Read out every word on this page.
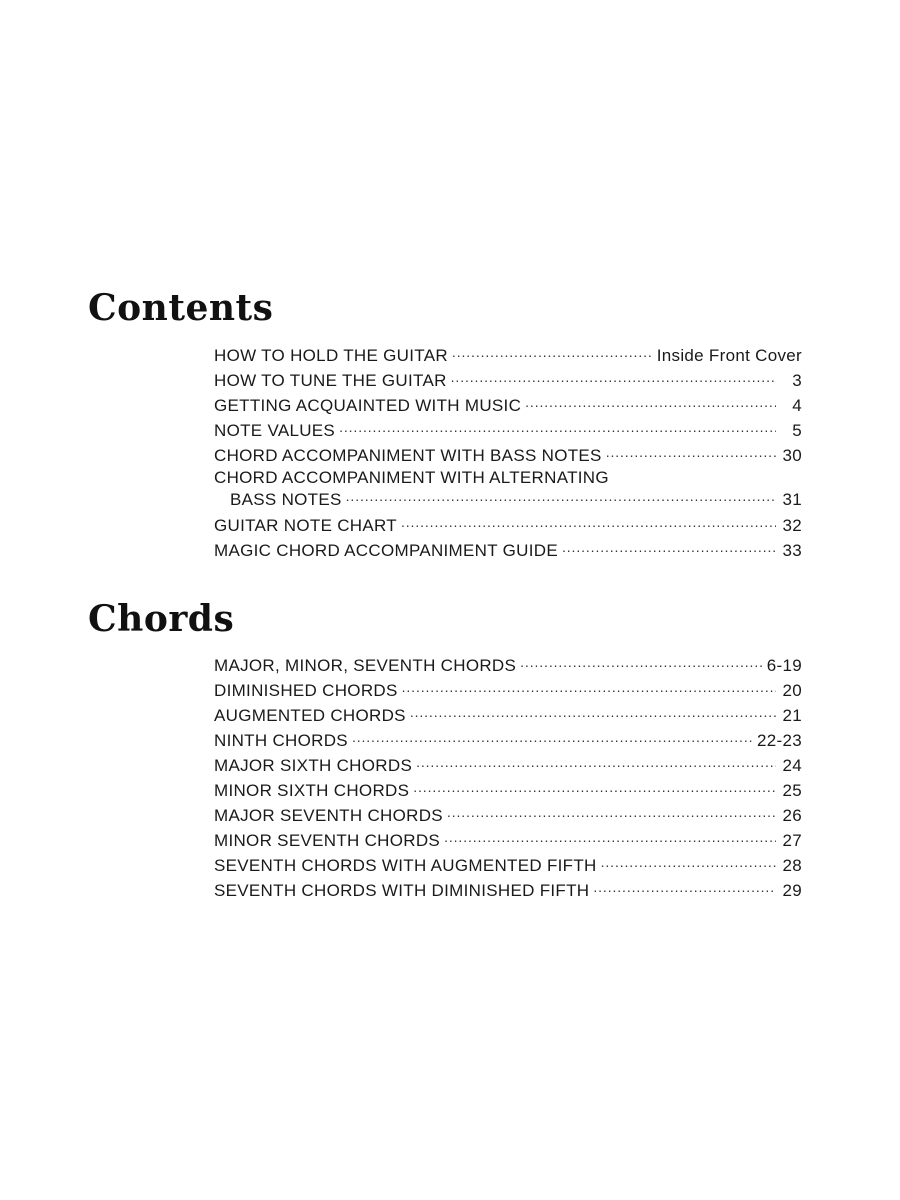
Contents
HOW TO HOLD THE GUITAR . . .	Inside Front Cover
HOW TO TUNE THE GUITAR . . .	3
GETTING ACQUAINTED WITH MUSIC . . .	4
NOTE VALUES . . .	5
CHORD ACCOMPANIMENT WITH BASS NOTES . . .	30
CHORD ACCOMPANIMENT WITH ALTERNATING
BASS NOTES . . .	31
GUITAR NOTE CHART . . .	32
MAGIC CHORD ACCOMPANIMENT GUIDE . . .	33
Chords
MAJOR, MINOR, SEVENTH CHORDS . . .	6-19
DIMINISHED CHORDS . . .	20
AUGMENTED CHORDS . . .	21
NINTH CHORDS . . .	22-23
MAJOR SIXTH CHORDS . . .	24
MINOR SIXTH CHORDS . . .	25
MAJOR SEVENTH CHORDS . . .	26
MINOR SEVENTH CHORDS . . .	27
SEVENTH CHORDS WITH AUGMENTED FIFTH . . .	28
SEVENTH CHORDS WITH DIMINISHED FIFTH . . .	29
